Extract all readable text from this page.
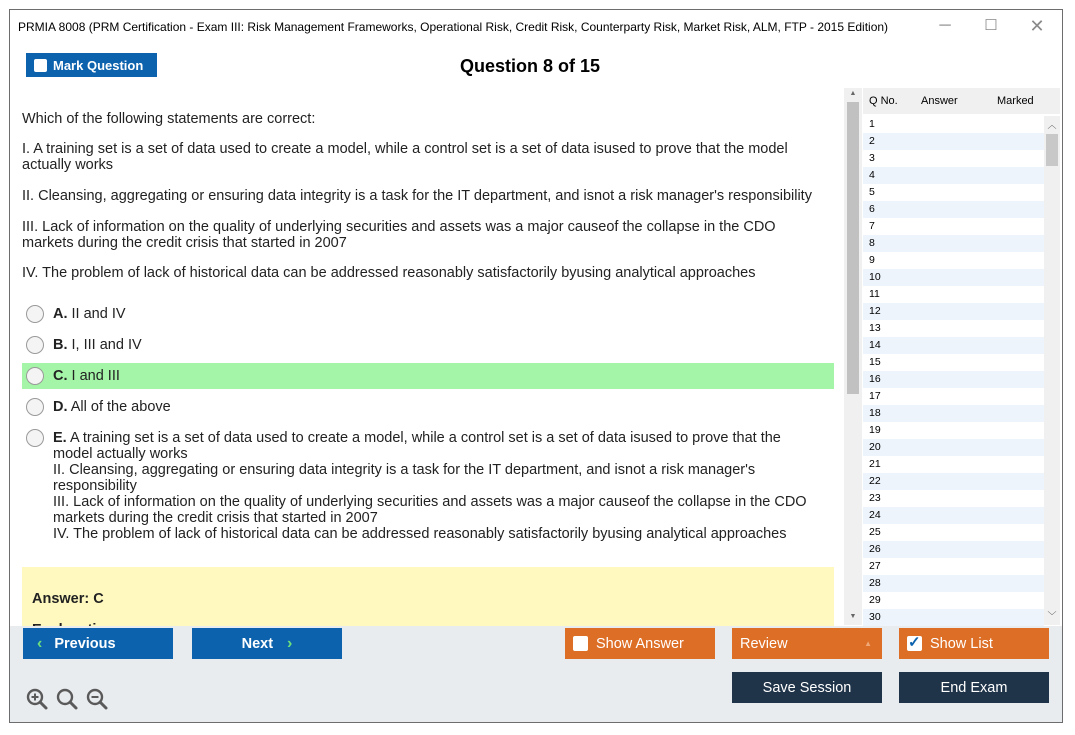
PRMIA 8008 (PRM Certification - Exam III: Risk Management Frameworks, Operational Risk, Credit Risk, Counterparty Risk, Market Risk, ALM, FTP - 2015 Edition)	─	☐	✕
Mark Question	Question 8 of 15
Which of the following statements are correct:
I. A training set is a set of data used to create a model, while a control set is a set of data isused to prove that the model actually works
II. Cleansing, aggregating or ensuring data integrity is a task for the IT department, and isnot a risk manager's responsibility
III. Lack of information on the quality of underlying securities and assets was a major causeof the collapse in the CDO markets during the credit crisis that started in 2007
IV. The problem of lack of historical data can be addressed reasonably satisfactorily byusing analytical approaches
A. II and IV
B. I, III and IV
C. I and III
D. All of the above
E. A training set is a set of data used to create a model, while a control set is a set of data isused to prove that the model actually works
II. Cleansing, aggregating or ensuring data integrity is a task for the IT department, and isnot a risk manager's responsibility
III. Lack of information on the quality of underlying securities and assets was a major causeof the collapse in the CDO markets during the credit crisis that started in 2007
IV. The problem of lack of historical data can be addressed reasonably satisfactorily byusing analytical approaches
Answer: C
▲
▼
Q No. Answer	Marked
1
2
3
4
5
6
7
8
9
10
11
12
13
14
15
16
17
18
19
20
21
22
23
24
25
26
27
28
29
30
︿
﹀
‹ Previous	Next ›	Show Answer	Review	▲
✓	Show List
Save Session	End Exam
